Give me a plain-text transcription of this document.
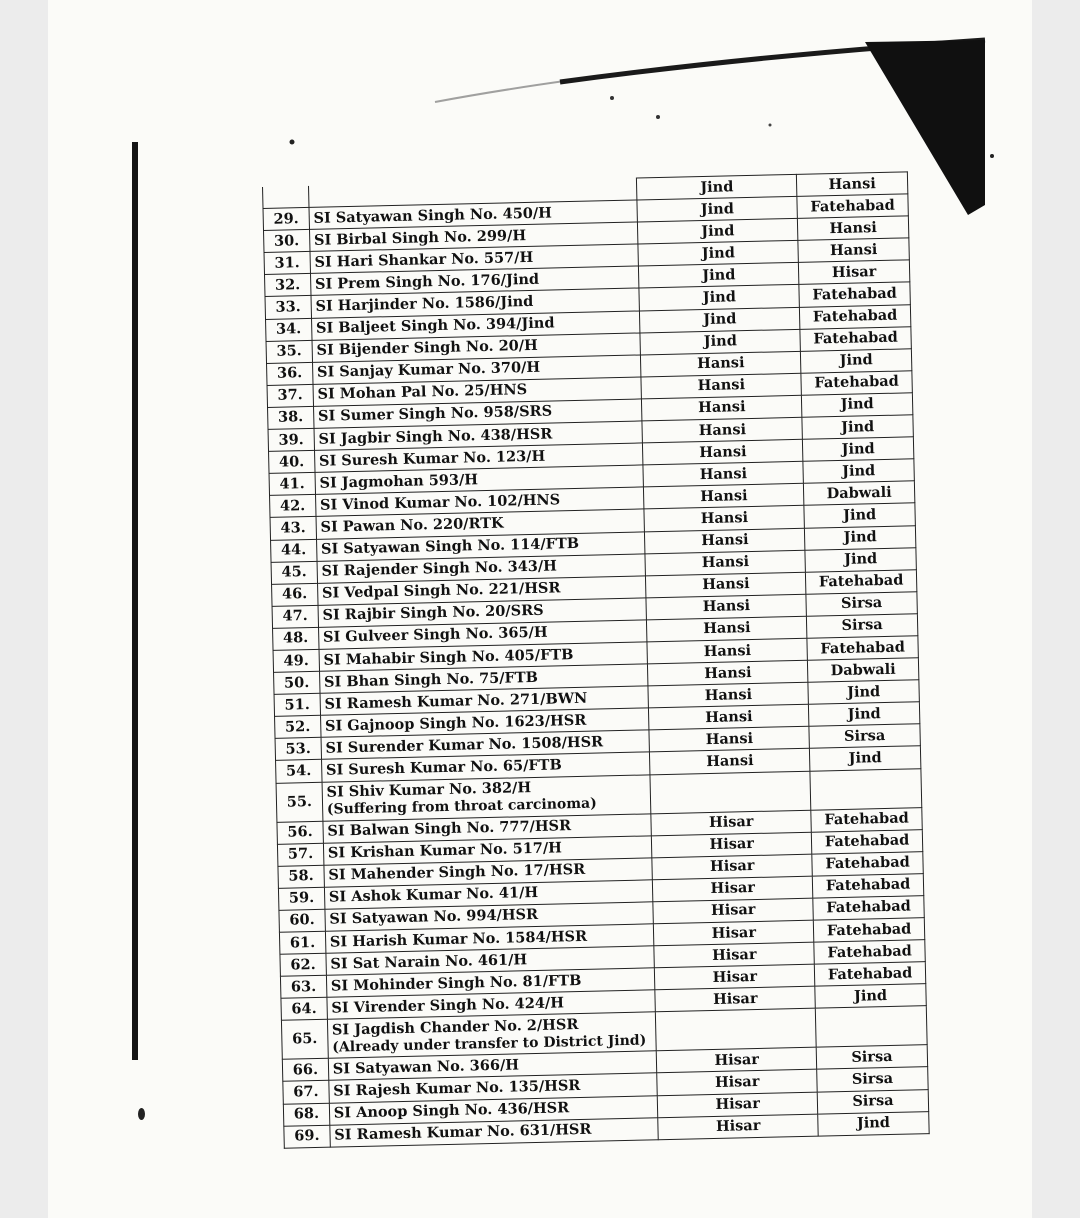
		Jind	Hansi
29.	SI Satyawan Singh No. 450/H	Jind	Fatehabad
30.	SI Birbal Singh No. 299/H	Jind	Hansi
31.	SI Hari Shankar No. 557/H	Jind	Hansi
32.	SI Prem Singh No. 176/Jind	Jind	Hisar
33.	SI Harjinder No. 1586/Jind	Jind	Fatehabad
34.	SI Baljeet Singh No. 394/Jind	Jind	Fatehabad
35.	SI Bijender Singh No. 20/H	Jind	Fatehabad
36.	SI Sanjay Kumar No. 370/H	Hansi	Jind
37.	SI Mohan Pal No. 25/HNS	Hansi	Fatehabad
38.	SI Sumer Singh No. 958/SRS	Hansi	Jind
39.	SI Jagbir Singh No. 438/HSR	Hansi	Jind
40.	SI Suresh Kumar No. 123/H	Hansi	Jind
41.	SI Jagmohan 593/H	Hansi	Jind
42.	SI Vinod Kumar No. 102/HNS	Hansi	Dabwali
43.	SI Pawan No. 220/RTK	Hansi	Jind
44.	SI Satyawan Singh No. 114/FTB	Hansi	Jind
45.	SI Rajender Singh No. 343/H	Hansi	Jind
46.	SI Vedpal Singh No. 221/HSR	Hansi	Fatehabad
47.	SI Rajbir Singh No. 20/SRS	Hansi	Sirsa
48.	SI Gulveer Singh No. 365/H	Hansi	Sirsa
49.	SI Mahabir Singh No. 405/FTB	Hansi	Fatehabad
50.	SI Bhan Singh No. 75/FTB	Hansi	Dabwali
51.	SI Ramesh Kumar No. 271/BWN	Hansi	Jind
52.	SI Gajnoop Singh No. 1623/HSR	Hansi	Jind
53.	SI Surender Kumar No. 1508/HSR	Hansi	Sirsa
54.	SI Suresh Kumar No. 65/FTB	Hansi	Jind
55.	SI Shiv Kumar No. 382/H
(Suffering from throat carcinoma)		

56.	SI Balwan Singh No. 777/HSR	Hisar	Fatehabad
57.	SI Krishan Kumar No. 517/H	Hisar	Fatehabad
58.	SI Mahender Singh No. 17/HSR	Hisar	Fatehabad
59.	SI Ashok Kumar No. 41/H	Hisar	Fatehabad
60.	SI Satyawan No. 994/HSR	Hisar	Fatehabad
61.	SI Harish Kumar No. 1584/HSR	Hisar	Fatehabad
62.	SI Sat Narain No. 461/H	Hisar	Fatehabad
63.	SI Mohinder Singh No. 81/FTB	Hisar	Fatehabad
64.	SI Virender Singh No. 424/H	Hisar	Jind
65.	SI Jagdish Chander No. 2/HSR
(Already under transfer to District Jind)		

66.	SI Satyawan No. 366/H	Hisar	Sirsa
67.	SI Rajesh Kumar No. 135/HSR	Hisar	Sirsa
68.	SI Anoop Singh No. 436/HSR	Hisar	Sirsa
69.	SI Ramesh Kumar No. 631/HSR	Hisar	Jind
